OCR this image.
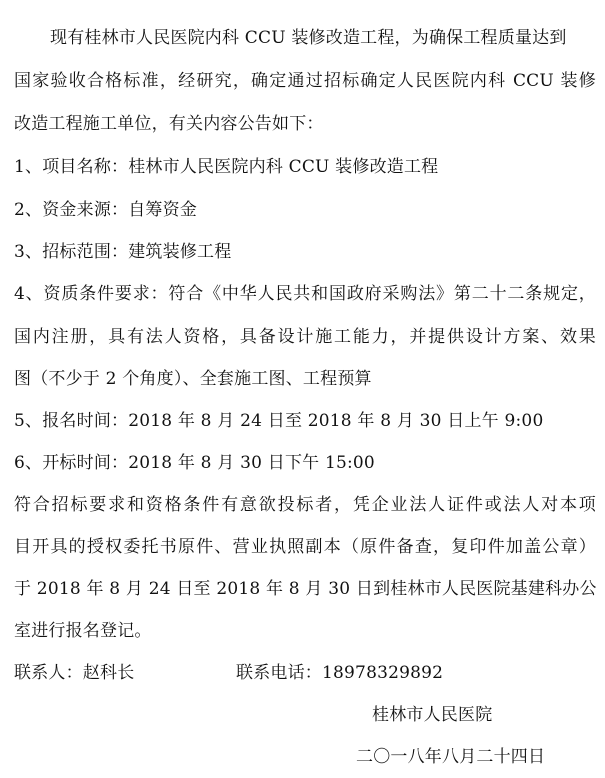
现有桂林市人民医院内科 CCU 装修改造工程，为确保工程质量达到
国家验收合格标准，经研究，确定通过招标确定人民医院内科 CCU 装修
改造工程施工单位，有关内容公告如下：
1、项目名称：桂林市人民医院内科 CCU 装修改造工程
2、资金来源：自筹资金
3、招标范围：建筑装修工程
4、资质条件要求：符合《中华人民共和国政府采购法》第二十二条规定，
国内注册，具有法人资格，具备设计施工能力，并提供设计方案、效果
图（不少于 2 个角度）、全套施工图、工程预算
5、报名时间：2018 年 8 月 24 日至 2018 年 8 月 30 日上午 9:00
6、开标时间：2018 年 8 月 30 日下午 15:00
符合招标要求和资格条件有意欲投标者，凭企业法人证件或法人对本项
目开具的授权委托书原件、营业执照副本（原件备查，复印件加盖公章）
于 2018 年 8 月 24 日至 2018 年 8 月 30 日到桂林市人民医院基建科办公
室进行报名登记。
联系人：赵科长	联系电话：18978329892
桂林市人民医院
二〇一八年八月二十四日
